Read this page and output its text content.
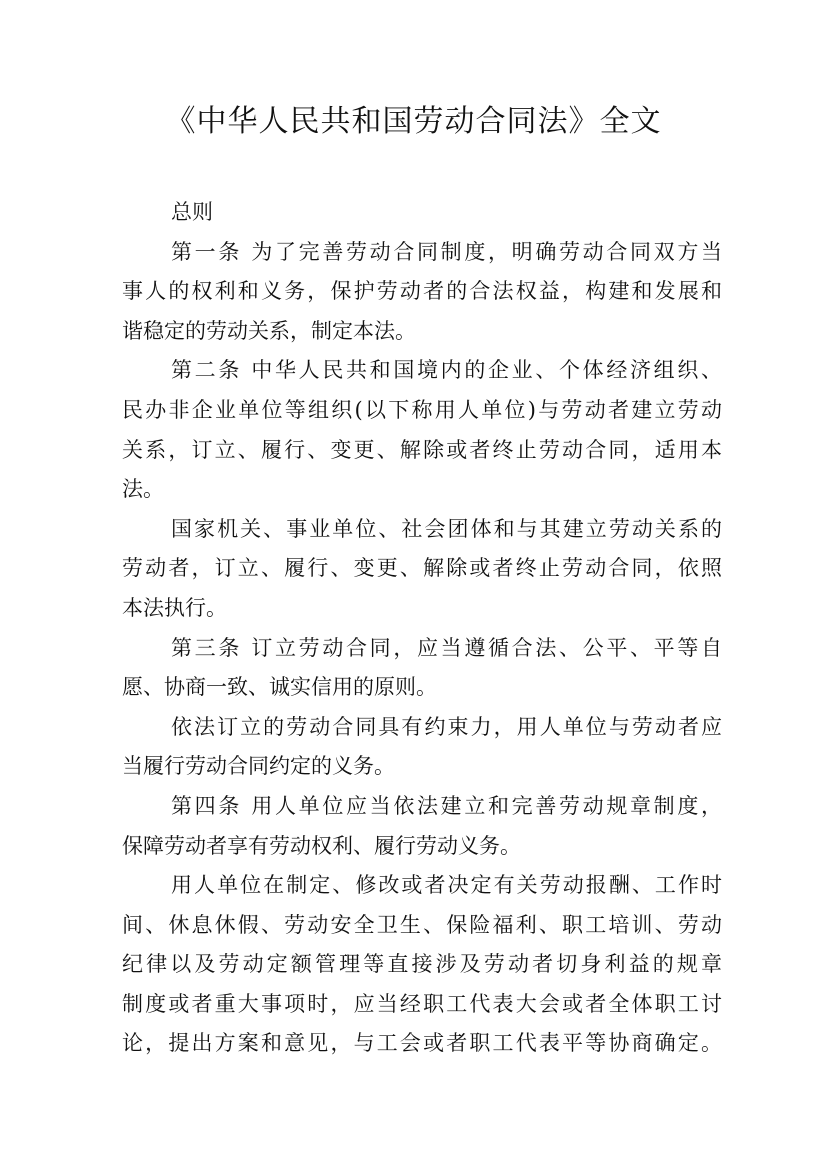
《中华人民共和国劳动合同法》全文
总则
第一条 为了完善劳动合同制度，明确劳动合同双方当
事人的权利和义务，保护劳动者的合法权益，构建和发展和
谐稳定的劳动关系，制定本法。
第二条 中华人民共和国境内的企业、个体经济组织、
民办非企业单位等组织(以下称用人单位)与劳动者建立劳动
关系，订立、履行、变更、解除或者终止劳动合同，适用本
法。
国家机关、事业单位、社会团体和与其建立劳动关系的
劳动者，订立、履行、变更、解除或者终止劳动合同，依照
本法执行。
第三条 订立劳动合同，应当遵循合法、公平、平等自
愿、协商一致、诚实信用的原则。
依法订立的劳动合同具有约束力，用人单位与劳动者应
当履行劳动合同约定的义务。
第四条 用人单位应当依法建立和完善劳动规章制度，
保障劳动者享有劳动权利、履行劳动义务。
用人单位在制定、修改或者决定有关劳动报酬、工作时
间、休息休假、劳动安全卫生、保险福利、职工培训、劳动
纪律以及劳动定额管理等直接涉及劳动者切身利益的规章
制度或者重大事项时，应当经职工代表大会或者全体职工讨
论，提出方案和意见，与工会或者职工代表平等协商确定。
